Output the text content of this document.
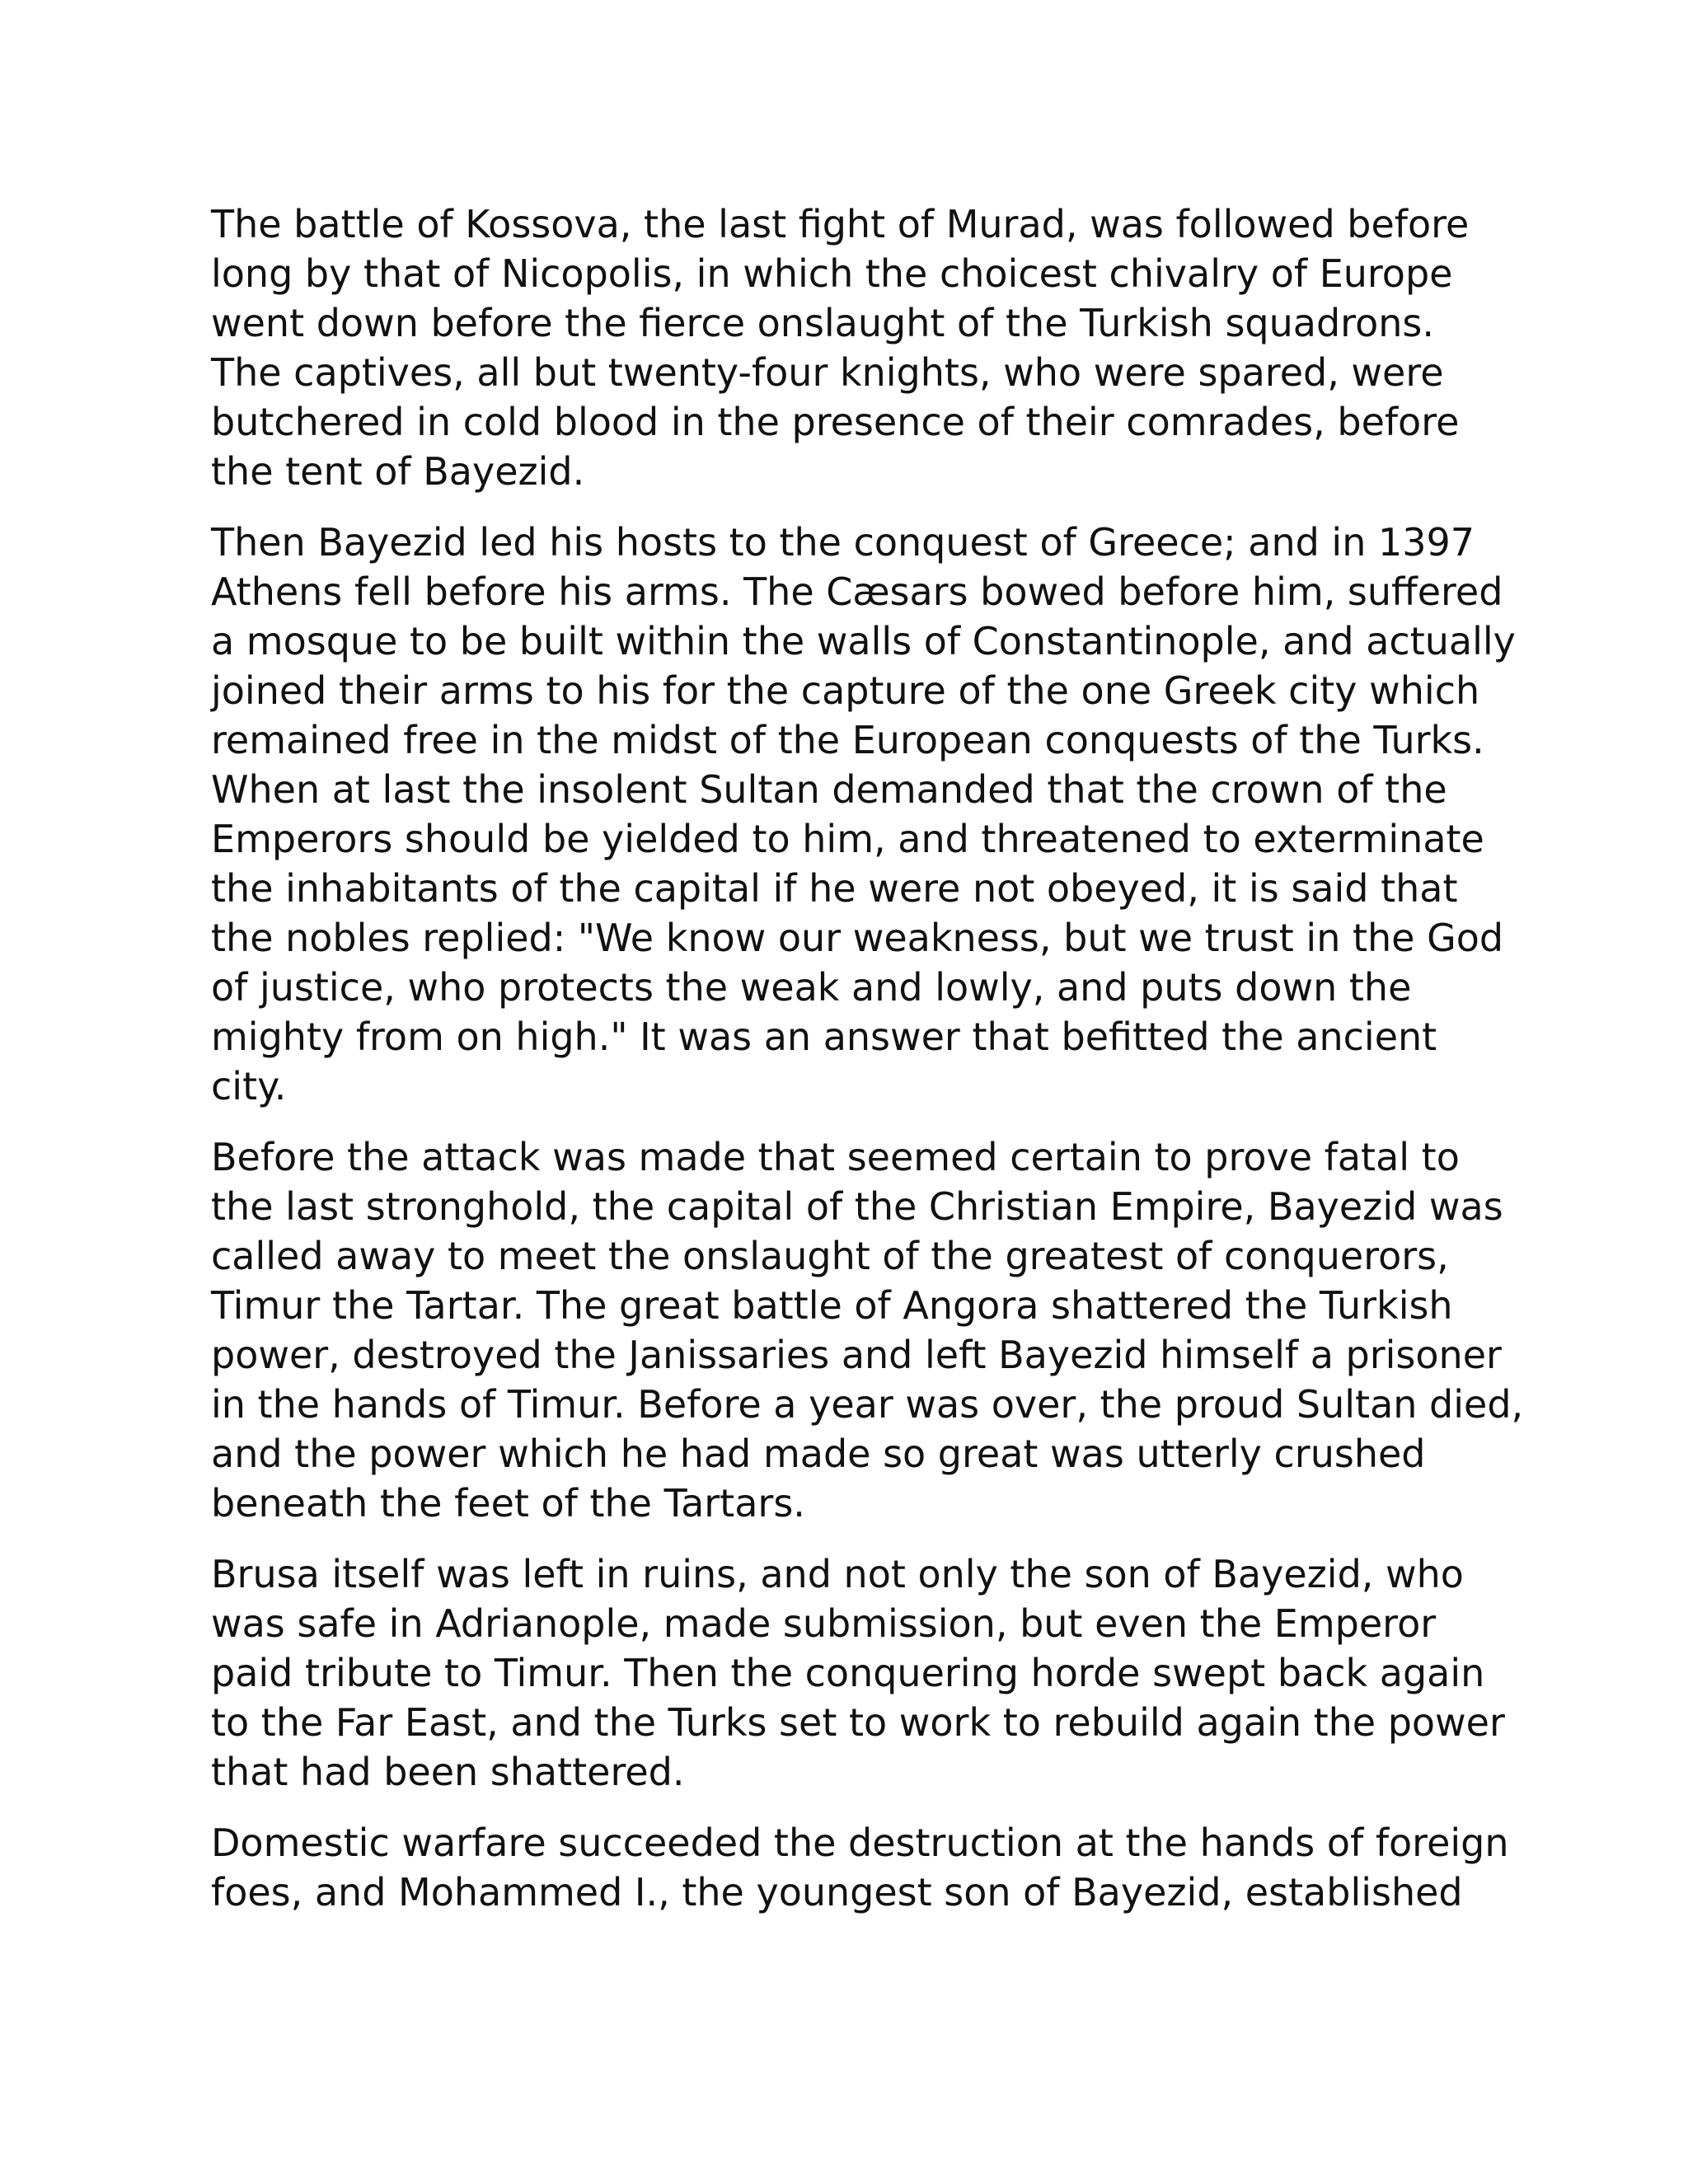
The battle of Kossova, the last fight of Murad, was followed before
long by that of Nicopolis, in which the choicest chivalry of Europe
went down before the fierce onslaught of the Turkish squadrons.
The captives, all but twenty-four knights, who were spared, were
butchered in cold blood in the presence of their comrades, before
the tent of Bayezid.

Then Bayezid led his hosts to the conquest of Greece; and in 1397
Athens fell before his arms. The Cæsars bowed before him, suffered
a mosque to be built within the walls of Constantinople, and actually
joined their arms to his for the capture of the one Greek city which
remained free in the midst of the European conquests of the Turks.
When at last the insolent Sultan demanded that the crown of the
Emperors should be yielded to him, and threatened to exterminate
the inhabitants of the capital if he were not obeyed, it is said that
the nobles replied: "We know our weakness, but we trust in the God
of justice, who protects the weak and lowly, and puts down the
mighty from on high." It was an answer that befitted the ancient
city.

Before the attack was made that seemed certain to prove fatal to
the last stronghold, the capital of the Christian Empire, Bayezid was
called away to meet the onslaught of the greatest of conquerors,
Timur the Tartar. The great battle of Angora shattered the Turkish
power, destroyed the Janissaries and left Bayezid himself a prisoner
in the hands of Timur. Before a year was over, the proud Sultan died,
and the power which he had made so great was utterly crushed
beneath the feet of the Tartars.

Brusa itself was left in ruins, and not only the son of Bayezid, who
was safe in Adrianople, made submission, but even the Emperor
paid tribute to Timur. Then the conquering horde swept back again
to the Far East, and the Turks set to work to rebuild again the power
that had been shattered.

Domestic warfare succeeded the destruction at the hands of foreign
foes, and Mohammed I., the youngest son of Bayezid, established
